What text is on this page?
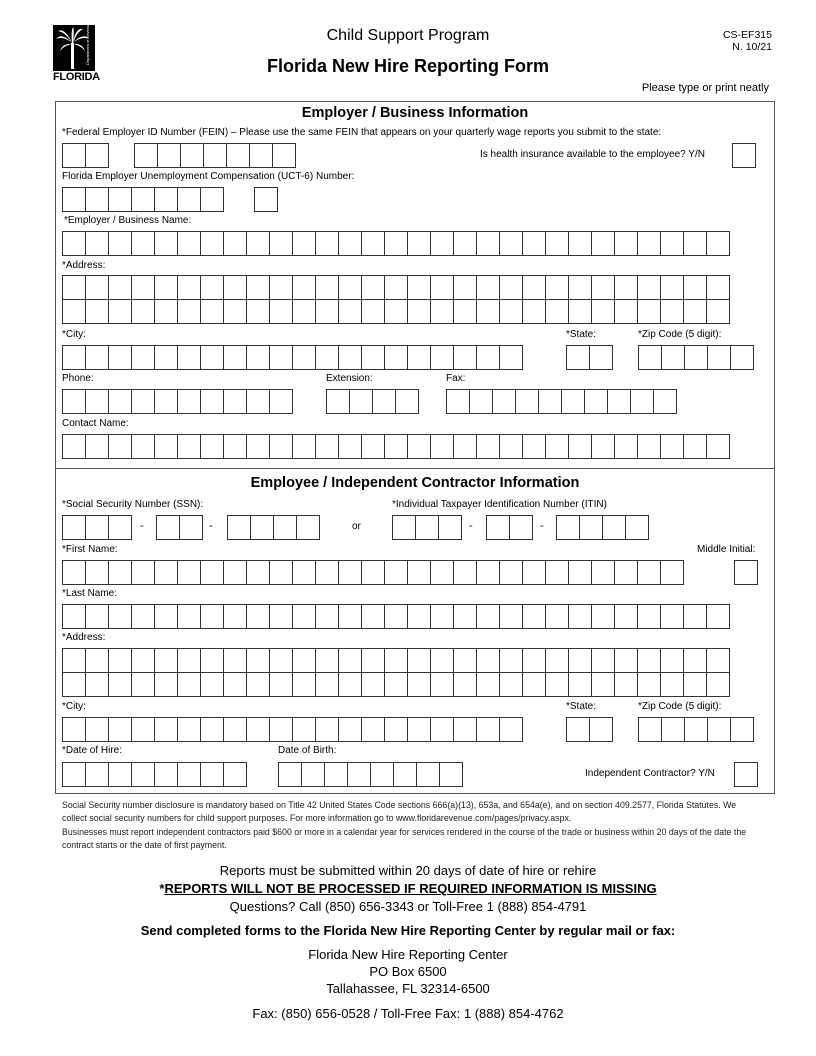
Department of Revenue
FLORIDA
Child Support Program
Florida New Hire Reporting Form
CS-EF315
N. 10/21
Please type or print neatly
Employer / Business Information
*Federal Employer ID Number (FEIN) – Please use the same FEIN that appears on your quarterly wage reports you submit to the state:
Is health insurance available to the employee? Y/N
Florida Employer Unemployment Compensation (UCT-6) Number:
*Employer / Business Name:
*Address:
*City:	*State:	*Zip Code (5 digit):
Phone:	Extension:	Fax:
Contact Name:
Employee / Independent Contractor Information
*Social Security Number (SSN):	*Individual Taxpayer Identification Number (ITIN)
-	-	or	-	-
*First Name:	Middle Initial:
*Last Name:
*Address:
*City:	*State:	*Zip Code (5 digit):
*Date of Hire:	Date of Birth:
Independent Contractor? Y/N
Social Security number disclosure is mandatory based on Title 42 United States Code sections 666(a)(13), 653a, and 654a(e), and on section 409.2577, Florida Statutes. We collect social security numbers for child support purposes. For more information go to www.floridarevenue.com/pages/privacy.aspx.
Businesses must report independent contractors paid $600 or more in a calendar year for services rendered in the course of the trade or business within 20 days of the date the contract starts or the date of first payment.
Reports must be submitted within 20 days of date of hire or rehire
*REPORTS WILL NOT BE PROCESSED IF REQUIRED INFORMATION IS MISSING
Questions? Call (850) 656-3343 or Toll-Free 1 (888) 854-4791
Send completed forms to the Florida New Hire Reporting Center by regular mail or fax:
Florida New Hire Reporting Center
PO Box 6500
Tallahassee, FL 32314-6500
Fax: (850) 656-0528 / Toll-Free Fax: 1 (888) 854-4762
